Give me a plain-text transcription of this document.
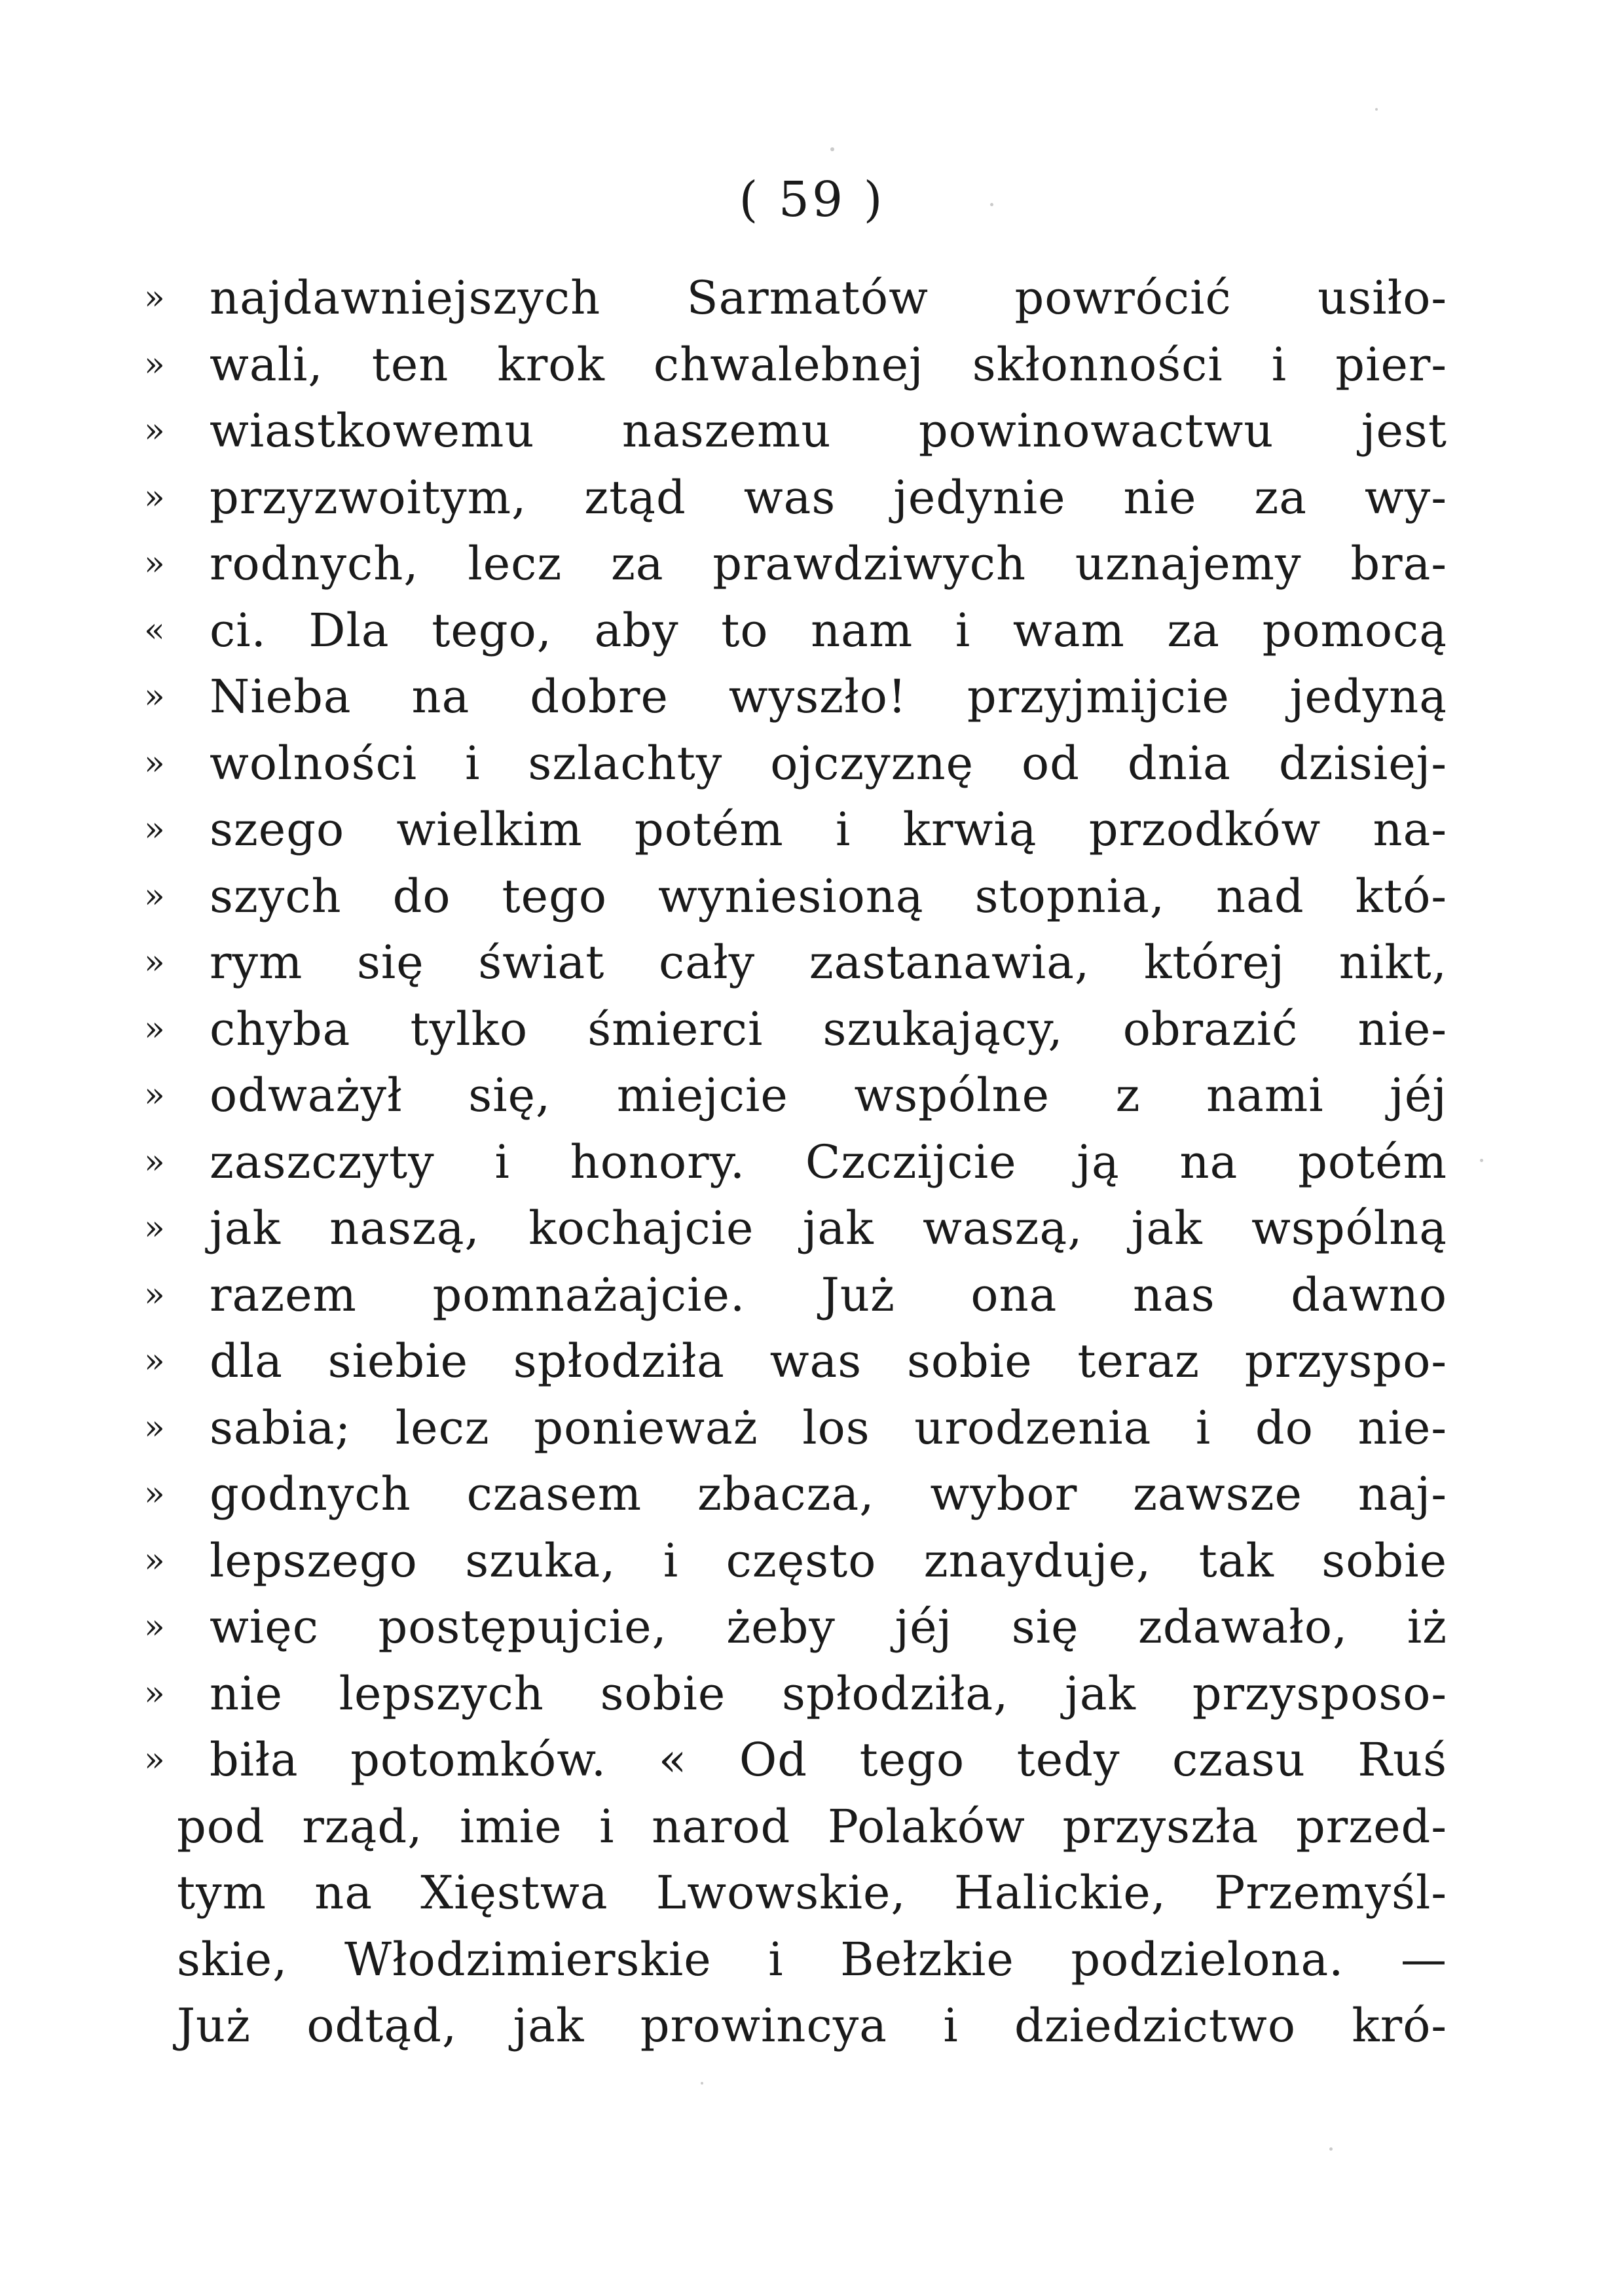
( 59 )
» najdawniejszych Sarmatów powrócić usiło-
» wali, ten krok chwalebnej skłonności i pier-
» wiastkowemu naszemu powinowactwu jest
» przyzwoitym, ztąd was jedynie nie za wy-
» rodnych, lecz za prawdziwych uznajemy bra-
« ci. Dla tego, aby to nam i wam za pomocą
» Nieba na dobre wyszło! przyjmijcie jedyną
» wolności i szlachty ojczyznę od dnia dzisiej-
» szego wielkim potém i krwią przodków na-
» szych do tego wyniesioną stopnia, nad któ-
» rym się świat cały zastanawia, której nikt,
» chyba tylko śmierci szukający, obrazić nie-
» odważył się, miejcie wspólne z nami jéj
» zaszczyty i honory. Czczijcie ją na potém
» jak naszą, kochajcie jak waszą, jak wspólną
» razem pomnażajcie. Już ona nas dawno
» dla siebie spłodziła was sobie teraz przyspo-
» sabia; lecz ponieważ los urodzenia i do nie-
» godnych czasem zbacza, wybor zawsze naj-
» lepszego szuka, i często znayduje, tak sobie
» więc postępujcie, żeby jéj się zdawało, iż
» nie lepszych sobie spłodziła, jak przysposo-
» biła potomków. « Od tego tedy czasu Ruś
pod rząd, imie i narod Polaków przyszła przed-
tym na Xięstwa Lwowskie, Halickie, Przemyśl-
skie, Włodzimierskie i Bełzkie podzielona. —
Już odtąd, jak prowincya i dziedzictwo kró-
